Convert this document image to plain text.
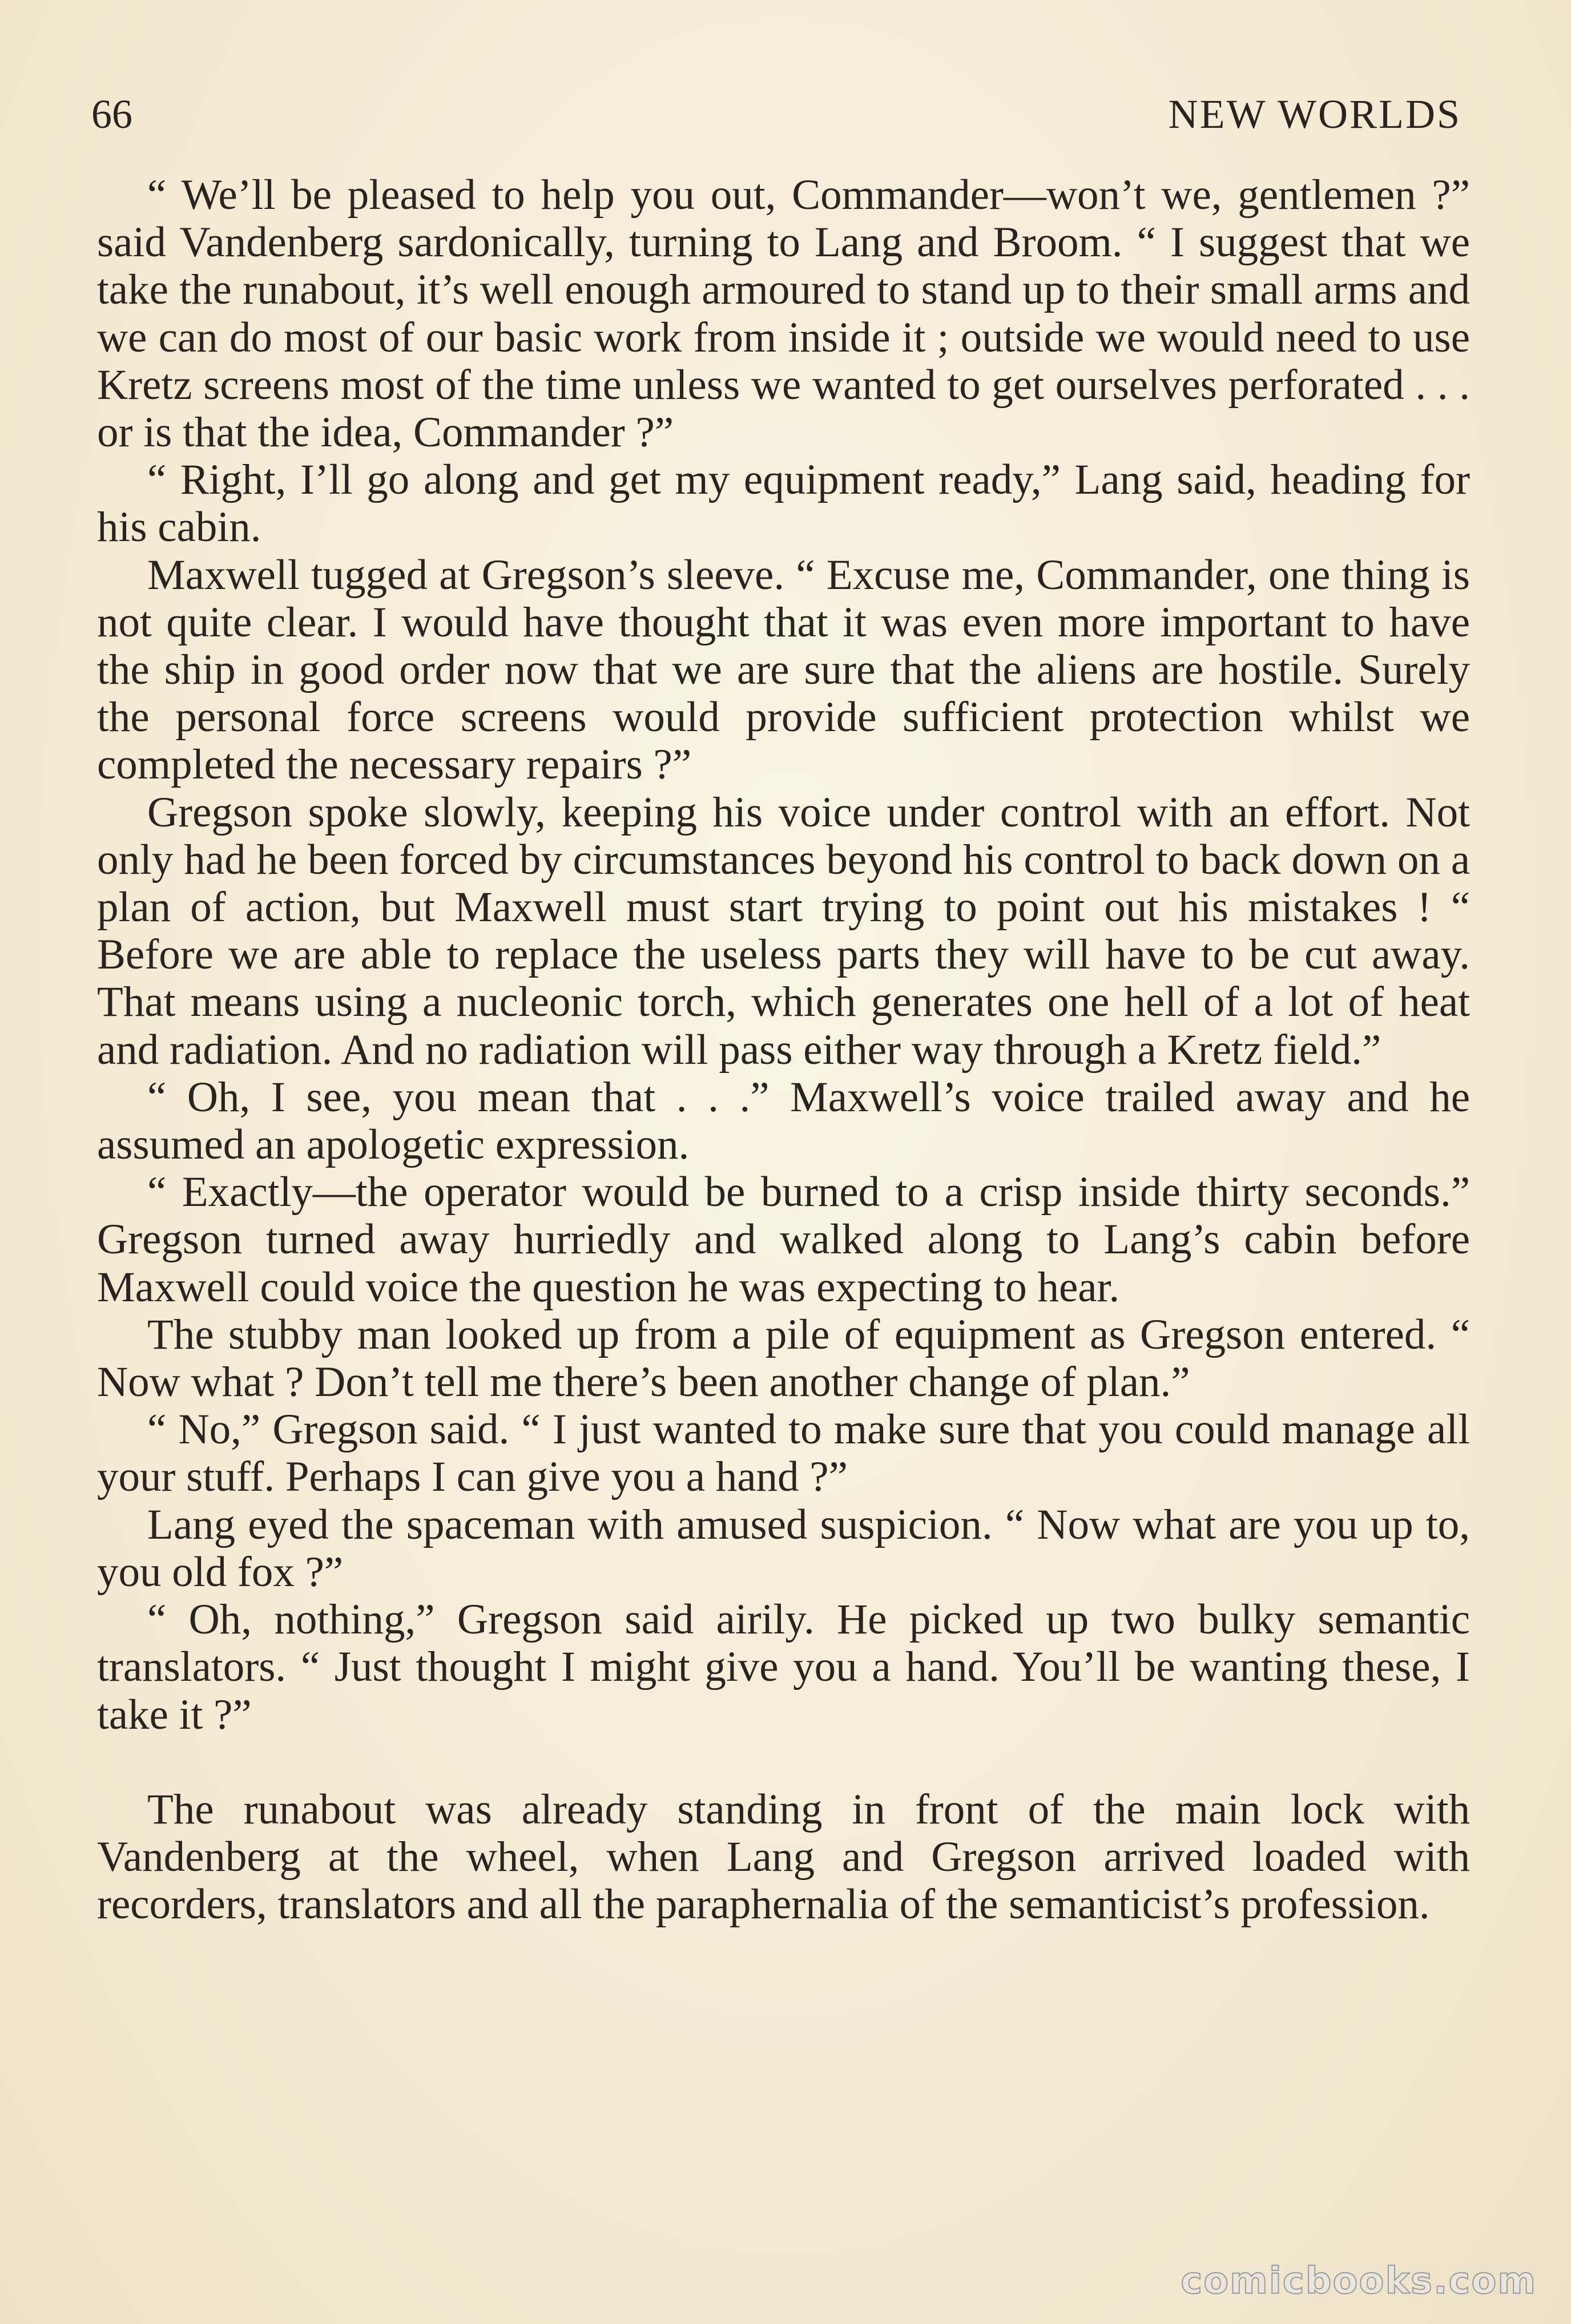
66	NEW WORLDS

“ We’ll be pleased to help you out, Commander—won’t we, gentlemen ?” said Vandenberg sardonically, turning to Lang and Broom. “ I suggest that we take the runabout, it’s well enough armoured to stand up to their small arms and we can do most of our basic work from inside it ; outside we would need to use Kretz screens most of the time unless we wanted to get ourselves perforated . . . or is that the idea, Commander ?”

“ Right, I’ll go along and get my equipment ready,” Lang said, heading for his cabin.

Maxwell tugged at Gregson’s sleeve. “ Excuse me, Commander, one thing is not quite clear. I would have thought that it was even more important to have the ship in good order now that we are sure that the aliens are hostile. Surely the personal force screens would provide sufficient protection whilst we completed the necessary repairs ?”

Gregson spoke slowly, keeping his voice under control with an effort. Not only had he been forced by circumstances beyond his control to back down on a plan of action, but Maxwell must start trying to point out his mistakes ! “ Before we are able to replace the useless parts they will have to be cut away. That means using a nucleonic torch, which generates one hell of a lot of heat and radiation. And no radiation will pass either way through a Kretz field.”

“ Oh, I see, you mean that . . .” Maxwell’s voice trailed away and he assumed an apologetic expression.

“ Exactly—the operator would be burned to a crisp inside thirty seconds.” Gregson turned away hurriedly and walked along to Lang’s cabin before Maxwell could voice the question he was expecting to hear.

The stubby man looked up from a pile of equipment as Gregson entered. “ Now what ? Don’t tell me there’s been another change of plan.”

“ No,” Gregson said. “ I just wanted to make sure that you could manage all your stuff. Perhaps I can give you a hand ?”

Lang eyed the spaceman with amused suspicion. “ Now what are you up to, you old fox ?”

“ Oh, nothing,” Gregson said airily. He picked up two bulky semantic translators. “ Just thought I might give you a hand. You’ll be wanting these, I take it ?”

The runabout was already standing in front of the main lock with Vandenberg at the wheel, when Lang and Gregson arrived loaded with recorders, translators and all the paraphernalia of the semanticist’s profession.

comicbooks.com
